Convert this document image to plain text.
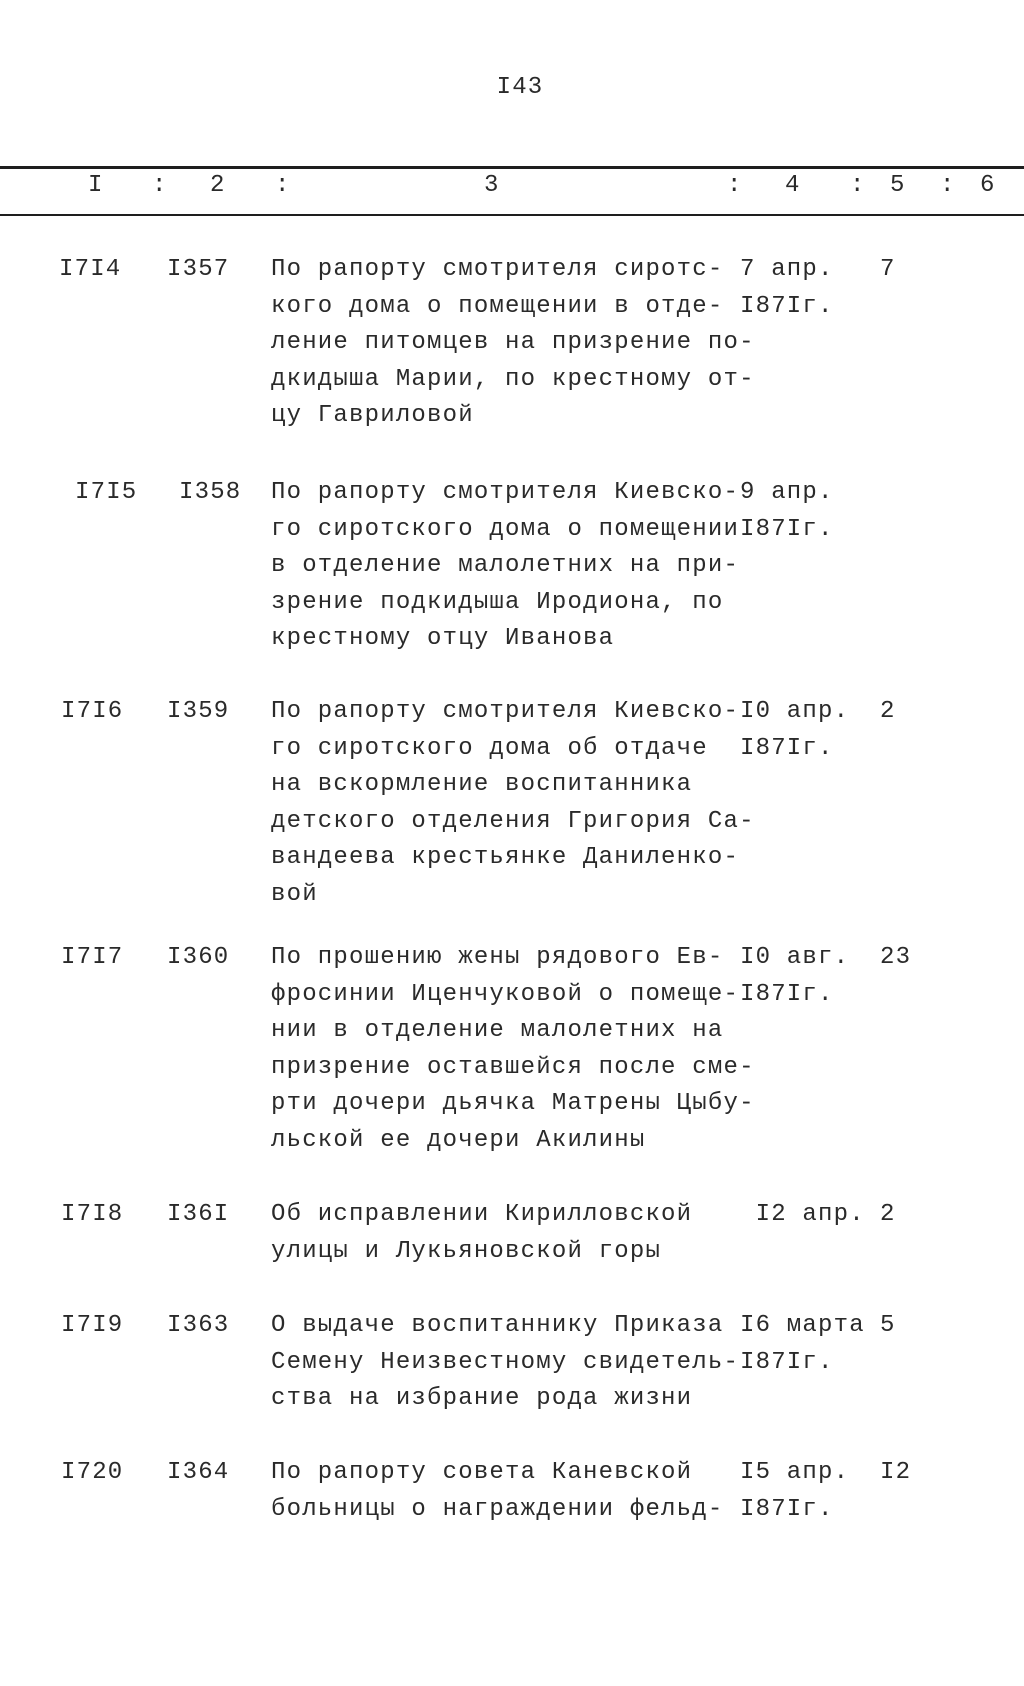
I43
I : 2 :	3	: 4 : 5 : 6
I7I4 I357 По рапорту смотрителя сиротс-
кого дома о помещении в отде-
ление питомцев на призрение по-
дкидыша Марии, по крестному от-
цу Гавриловой
7 апр.
I87Iг.
7
I7I5 I358 По рапорту смотрителя Киевско-
го сиротского дома о помещении
в отделение малолетних на при-
зрение подкидыша Иродиона, по
крестному отцу Иванова
9 апр.
I87Iг.
I7I6 I359 По рапорту смотрителя Киевско-
го сиротского дома об отдаче
на вскормление воспитанника
детского отделения Григория Са-
вандеева крестьянке Даниленко-
вой
I0 апр.
I87Iг.
2
I7I7 I360 По прошению жены рядового Ев-
фросинии Иценчуковой о помеще-
нии в отделение малолетних на
призрение оставшейся после сме-
рти дочери дьячка Матрены Цыбу-
льской ее дочери Акилины
I0 авг.
I87Iг.
23
I7I8 I36I Об исправлении Кирилловской
улицы и Лукьяновской горы
I2 апр. 2
I7I9 I363 О выдаче воспитаннику Приказа
Семену Неизвестному свидетель-
ства на избрание рода жизни
I6 марта
I87Iг.
5
I720 I364 По рапорту совета Каневской
больницы о награждении фельд-
I5 апр.
I87Iг.
I2
